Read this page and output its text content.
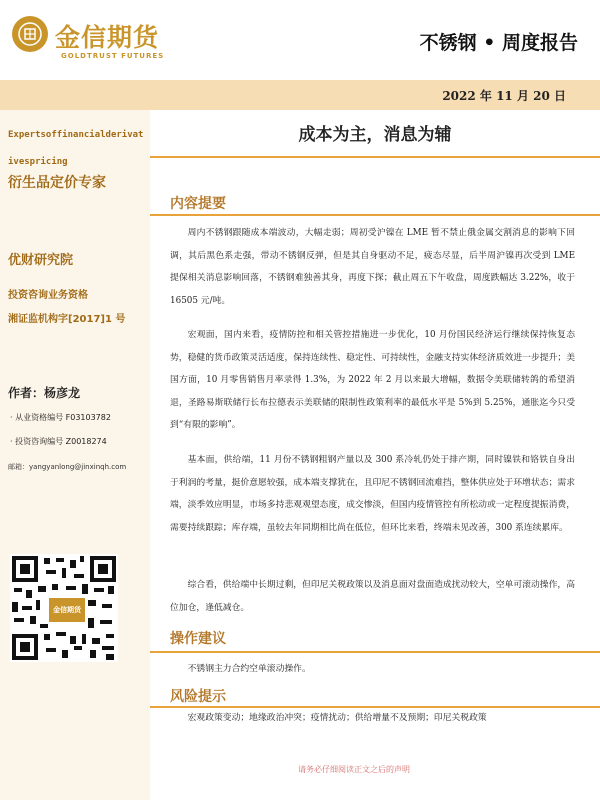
金信期货
GOLDTRUST FUTURES
不锈钢 • 周度报告
2022 年 11 月 20 日
Expertsoffinancialderivativespricing
衍生品定价专家
优财研究院
投资咨询业务资格
湘证监机构字[2017]1 号
作者：杨彦龙
· 从业资格编号 F03103782
· 投资咨询编号 Z0018274
邮箱：yangyanlong@jinxinqh.com
金信期货
成本为主，消息为辅
内容提要

周内不锈钢跟随成本端波动，大幅走弱；周初受沪镍在 LME 暂不禁止俄金属交割消息的影响下回调，其后黑色系走强，带动不锈钢反弹，但是其自身驱动不足，疲态尽显，后半周沪镍再次受到 LME 提保相关消息影响回落，不锈钢难独善其身，再度下探；截止周五下午收盘，周度跌幅达 3.22%，收于 16505 元/吨。

宏观面，国内来看，疫情防控和相关管控措施进一步优化，10 月份国民经济运行继续保持恢复态势，稳健的货币政策灵活适度，保持连续性、稳定性、可持续性，金融支持实体经济质效进一步提升；美国方面，10 月零售销售月率录得 1.3%，为 2022 年 2 月以来最大增幅，数据令美联储转鸽的希望消退，圣路易斯联储行长布拉德表示美联储的限制性政策利率的最低水平是 5%到 5.25%，通胀迄今只受到“有限的影响”。

基本面，供给端，11 月份不锈钢粗钢产量以及 300 系冷轧仍处于排产期，同时镍铁和铬铁自身出于利润的考量，挺价意愿较强，成本端支撑犹在，且印尼不锈钢回流难挡，整体供应处于环增状态；需求端，淡季效应明显，市场多持悲观观望态度，成交惨淡，但国内疫情管控有所松动或一定程度提振消费，需要持续跟踪；库存端，虽较去年同期相比尚在低位，但环比来看，终端未见改善，300 系连续累库。

综合看，供给端中长期过剩，但印尼关税政策以及消息面对盘面造成扰动较大，空单可滚动操作，高位加仓，逢低减仓。

操作建议

不锈钢主力合约空单滚动操作。

风险提示

宏观政策变动；地缘政治冲突；疫情扰动；供给增量不及预期；印尼关税政策

请务必仔细阅读正文之后的声明
